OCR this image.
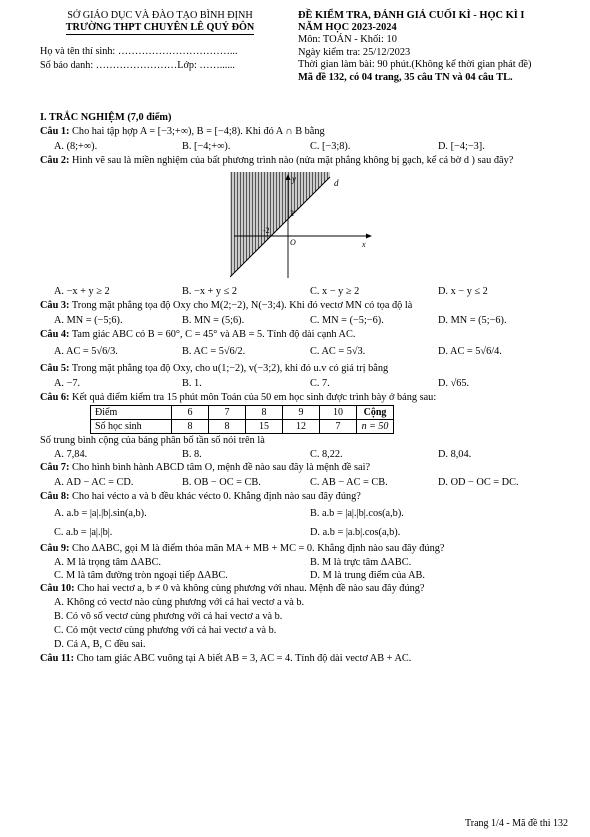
SỞ GIÁO DỤC VÀ ĐÀO TẠO BÌNH ĐỊNH
TRƯỜNG THPT CHUYÊN LÊ QUÝ ĐÔN
ĐỀ KIỂM TRA, ĐÁNH GIÁ CUỐI KÌ - HỌC KÌ I
NĂM HỌC 2023-2024
Môn: TOÁN - Khối: 10
Ngày kiểm tra: 25/12/2023
Thời gian làm bài: 90 phút.(Không kể thời gian phát đề)
Mã đề 132, có 04 trang, 35 câu TN và 04 câu TL.
Họ và tên thí sinh: ……………………………...
Số báo danh: ……………………Lớp: ……......
I. TRẮC NGHIỆM (7,0 điểm)
Câu 1: Cho hai tập hợp A = [−3;+∞), B = [−4;8). Khi đó A ∩ B bằng
A. (8;+∞).	B. [−4;+∞).	C. [−3;8).	D. [−4;−3].
Câu 2: Hình vẽ sau là miền nghiệm của bất phương trình nào (nửa mặt phẳng không bị gạch, kể cả bờ d ) sau đây?
d
y
x
2
-2
O
A. −x + y ≥ 2	B. −x + y ≤ 2	C. x − y ≥ 2	D. x − y ≤ 2
Câu 3: Trong mặt phẳng tọa độ Oxy cho M(2;−2), N(−3;4). Khi đó vectơ MN có tọa độ là
A. MN = (−5;6).	B. MN = (5;6).	C. MN = (−5;−6).	D. MN = (5;−6).
Câu 4: Tam giác ABC có B = 60°, C = 45° và AB = 5. Tính độ dài cạnh AC.
A. AC = 5√6/3.	B. AC = 5√6/2.	C. AC = 5√3.	D. AC = 5√6/4.
Câu 5: Trong mặt phẳng tọa độ Oxy, cho u(1;−2), v(−3;2), khi đó u.v có giá trị bằng
A. −7.	B. 1.	C. 7.	D. √65.
Câu 6: Kết quả điểm kiểm tra 15 phút môn Toán của 50 em học sinh được trình bày ở bảng sau:
Điểm	6	7	8	9	10	Cộng
Số học sinh	8	8	15	12	7	n = 50
Số trung bình cộng của bảng phân bố tần số nói trên là
A. 7,84.	B. 8.	C. 8,22.	D. 8,04.
Câu 7: Cho hình bình hành ABCD tâm O, mệnh đề nào sau đây là mệnh đề sai?
A. AD − AC = CD.	B. OB − OC = CB.	C. AB − AC = CB.	D. OD − OC = DC.
Câu 8: Cho hai vécto a và b đều khác vécto 0. Khẳng định nào sau đây đúng?
A. a.b = |a|.|b|.sin(a,b).	B. a.b = |a|.|b|.cos(a,b).
C. a.b = |a|.|b|.	D. a.b = |a.b|.cos(a,b).
Câu 9: Cho ΔABC, gọi M là điểm thỏa mãn MA + MB + MC = 0. Khẳng định nào sau đây đúng?
A. M là trọng tâm ΔABC.	B. M là trực tâm ΔABC.
C. M là tâm đường tròn ngoại tiếp ΔABC.	D. M là trung điểm của AB.
Câu 10: Cho hai vectơ a, b ≠ 0 và không cùng phương với nhau. Mệnh đề nào sau đây đúng?
A. Không có vectơ nào cùng phương với cả hai vectơ a và b.
B. Có vô số vectơ cùng phương với cả hai vectơ a và b.
C. Có một vectơ cùng phương với cả hai vectơ a và b.
D. Cả A, B, C đều sai.
Câu 11: Cho tam giác ABC vuông tại A biết AB = 3, AC = 4. Tính độ dài vectơ AB + AC.
Trang 1/4 - Mã đề thi 132
